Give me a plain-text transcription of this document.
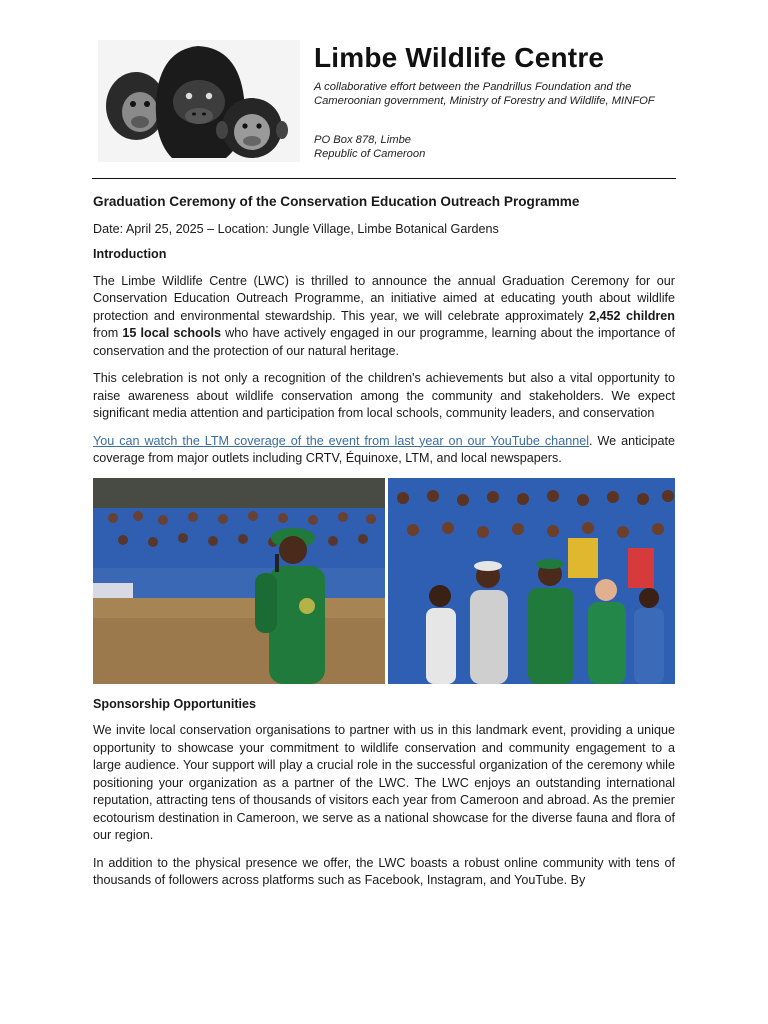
Limbe Wildlife Centre
A collaborative effort between the Pandrillus Foundation and the Cameroonian government, Ministry of Forestry and Wildlife, MINFOF
PO Box 878, Limbe
Republic of Cameroon
Graduation Ceremony of the Conservation Education Outreach Programme
Date: April 25, 2025 – Location: Jungle Village, Limbe Botanical Gardens
Introduction

The Limbe Wildlife Centre (LWC) is thrilled to announce the annual Graduation Ceremony for our Conservation Education Outreach Programme, an initiative aimed at educating youth about wildlife protection and environmental stewardship. This year, we will celebrate approximately 2,452 children from 15 local schools who have actively engaged in our programme, learning about the importance of conservation and the protection of our natural heritage.

This celebration is not only a recognition of the children's achievements but also a vital opportunity to raise awareness about wildlife conservation among the community and stakeholders. We expect significant media attention and participation from local schools, community leaders, and conservation

You can watch the LTM coverage of the event from last year on our YouTube channel. We anticipate coverage from major outlets including CRTV, Équinoxe, LTM, and local newspapers.

Sponsorship Opportunities

We invite local conservation organisations to partner with us in this landmark event, providing a unique opportunity to showcase your commitment to wildlife conservation and community engagement to a large audience. Your support will play a crucial role in the successful organization of the ceremony while positioning your organization as a partner of the LWC. The LWC enjoys an outstanding international reputation, attracting tens of thousands of visitors each year from Cameroon and abroad. As the premier ecotourism destination in Cameroon, we serve as a national showcase for the diverse fauna and flora of our region.

In addition to the physical presence we offer, the LWC boasts a robust online community with tens of thousands of followers across platforms such as Facebook, Instagram, and YouTube. By
